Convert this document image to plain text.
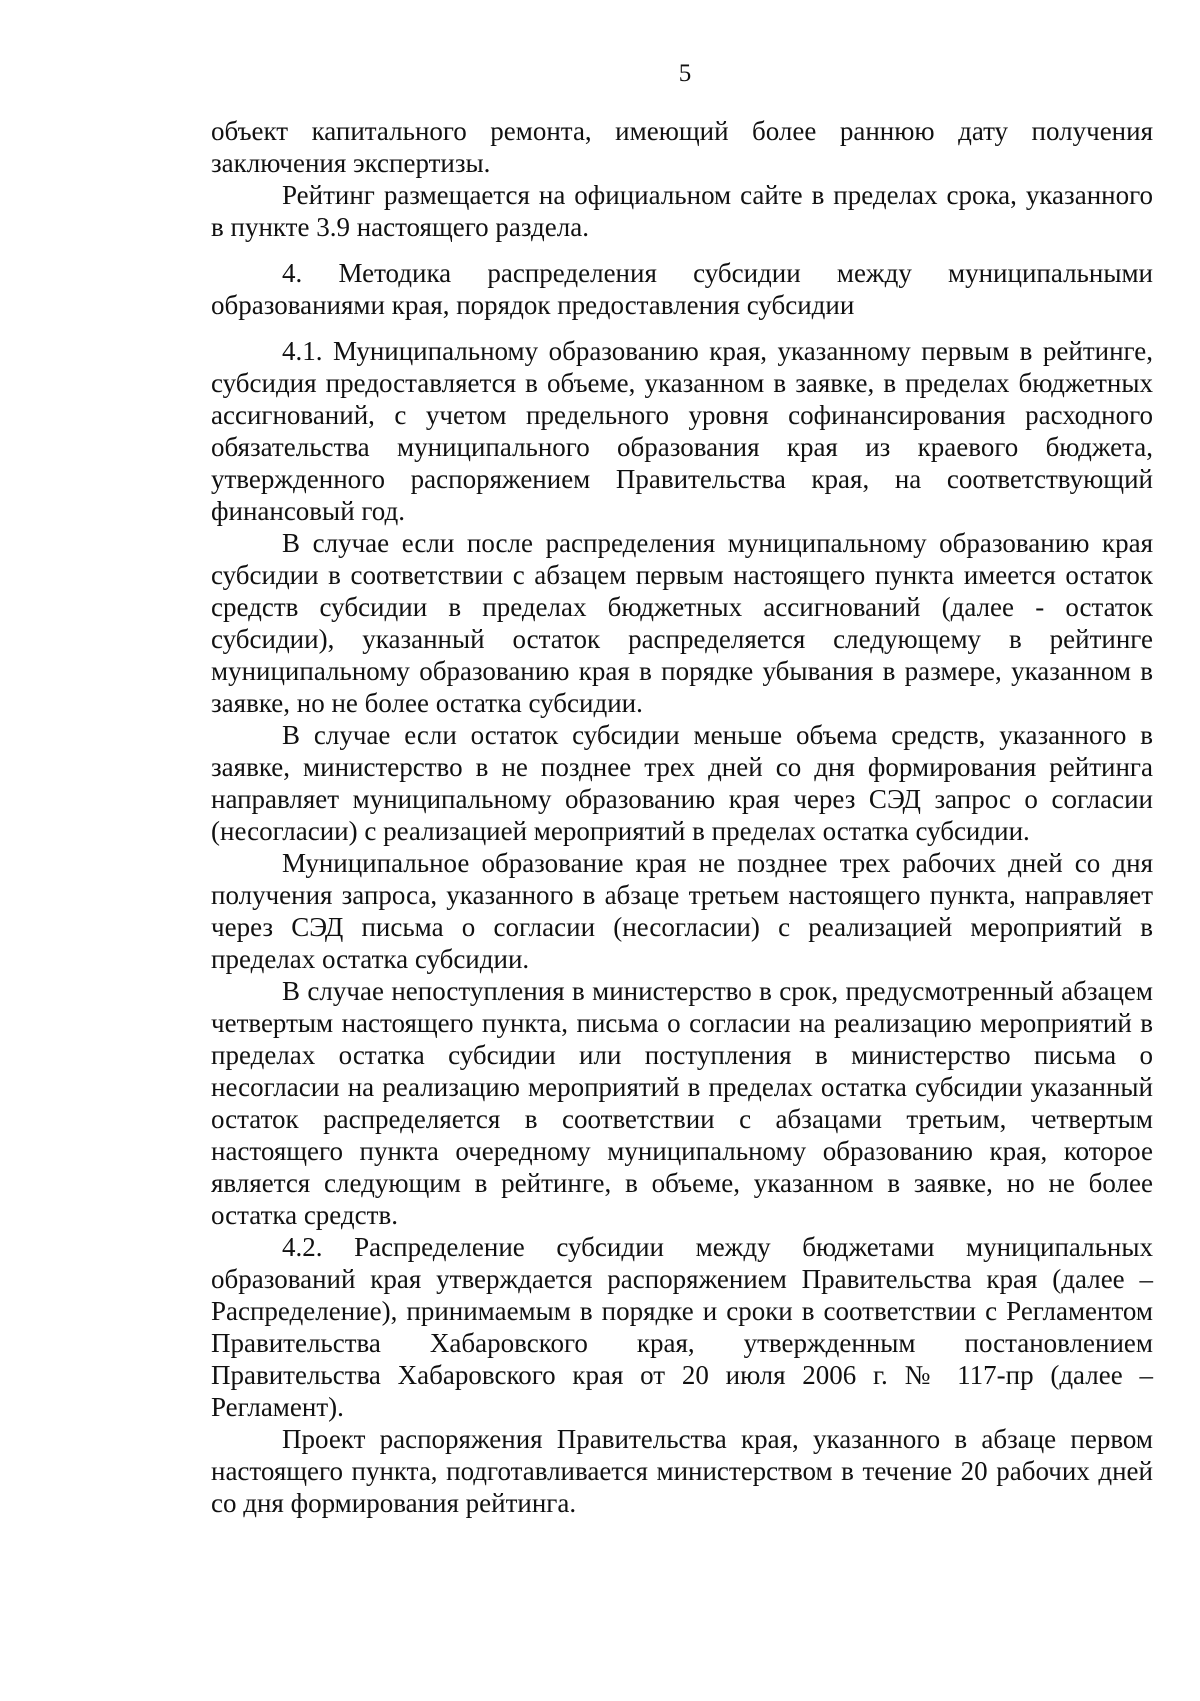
5

объект капитального ремонта, имеющий более раннюю дату получения заключения экспертизы.

Рейтинг размещается на официальном сайте в пределах срока, указанного в пункте 3.9 настоящего раздела.

4. Методика распределения субсидии между муниципальными образованиями края, порядок предоставления субсидии

4.1. Муниципальному образованию края, указанному первым в рейтинге, субсидия предоставляется в объеме, указанном в заявке, в пределах бюджетных ассигнований, с учетом предельного уровня софинансирования расходного обязательства муниципального образования края из краевого бюджета, утвержденного распоряжением Правительства края, на соответствующий финансовый год.

В случае если после распределения муниципальному образованию края субсидии в соответствии с абзацем первым настоящего пункта имеется остаток средств субсидии в пределах бюджетных ассигнований (далее - остаток субсидии), указанный остаток распределяется следующему в рейтинге муниципальному образованию края в порядке убывания в размере, указанном в заявке, но не более остатка субсидии.

В случае если остаток субсидии меньше объема средств, указанного в заявке, министерство в не позднее трех дней со дня формирования рейтинга направляет муниципальному образованию края через СЭД запрос о согласии (несогласии) с реализацией мероприятий в пределах остатка субсидии.

Муниципальное образование края не позднее трех рабочих дней со дня получения запроса, указанного в абзаце третьем настоящего пункта, направляет через СЭД письма о согласии (несогласии) с реализацией мероприятий в пределах остатка субсидии.

В случае непоступления в министерство в срок, предусмотренный абзацем четвертым настоящего пункта, письма о согласии на реализацию мероприятий в пределах остатка субсидии или поступления в министерство письма о несогласии на реализацию мероприятий в пределах остатка субсидии указанный остаток распределяется в соответствии с абзацами третьим, четвертым настоящего пункта очередному муниципальному образованию края, которое является следующим в рейтинге, в объеме, указанном в заявке, но не более остатка средств.

4.2. Распределение субсидии между бюджетами муниципальных образований края утверждается распоряжением Правительства края (далее – Распределение), принимаемым в порядке и сроки в соответствии с Регламентом Правительства Хабаровского края, утвержденным постановлением Правительства Хабаровского края от 20 июля 2006 г. № 117-пр (далее – Регламент).

Проект распоряжения Правительства края, указанного в абзаце первом настоящего пункта, подготавливается министерством в течение 20 рабочих дней со дня формирования рейтинга.
